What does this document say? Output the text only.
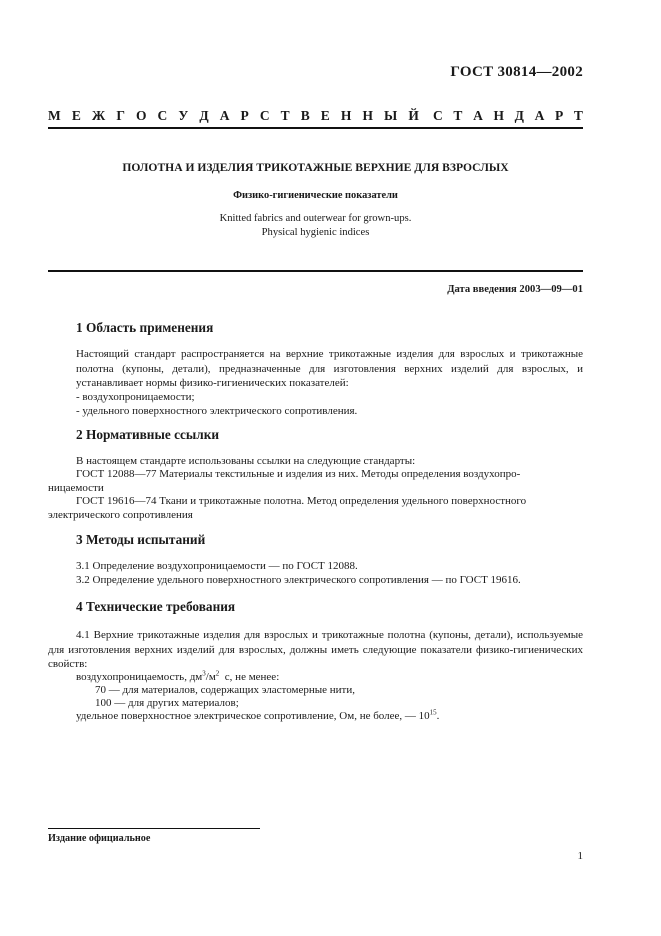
ГОСТ 30814—2002
М Е Ж Г О С У Д А Р С Т В Е Н Н Ы Й С Т А Н Д А Р Т
ПОЛОТНА И ИЗДЕЛИЯ ТРИКОТАЖНЫЕ ВЕРХНИЕ ДЛЯ ВЗРОСЛЫХ
Физико-гигиенические показатели
Knitted fabrics and outerwear for grown-ups.
Physical hygienic indices
Дата введения 2003—09—01
1 Область применения
Настоящий стандарт распространяется на верхние трикотажные изделия для взрослых и трикотажные полотна (купоны, детали), предназначенные для изготовления верхних изделий для взрослых, и устанавливает нормы физико-гигиенических показателей:
- воздухопроницаемости;
- удельного поверхностного электрического сопротивления.
2 Нормативные ссылки
В настоящем стандарте использованы ссылки на следующие стандарты:
ГОСТ 12088—77 Материалы текстильные и изделия из них. Методы определения воздухопро-
ницаемости
ГОСТ 19616—74 Ткани и трикотажные полотна. Метод определения удельного поверхностного
электрического сопротивления
3 Методы испытаний
3.1 Определение воздухопроницаемости — по ГОСТ 12088.
3.2 Определение удельного поверхностного электрического сопротивления — по ГОСТ 19616.
4 Технические требования
4.1 Верхние трикотажные изделия для взрослых и трикотажные полотна (купоны, детали), используемые для изготовления верхних изделий для взрослых, должны иметь следующие показатели физико-гигиенических свойств:
воздухопроницаемость, $дм^3/м^2$  с, не менее:
70 — для материалов, содержащих эластомерные нити,
100 — для других материалов;
удельное поверхностное электрическое сопротивление, Ом, не более, — $10^{15}$.
Издание официальное
1
